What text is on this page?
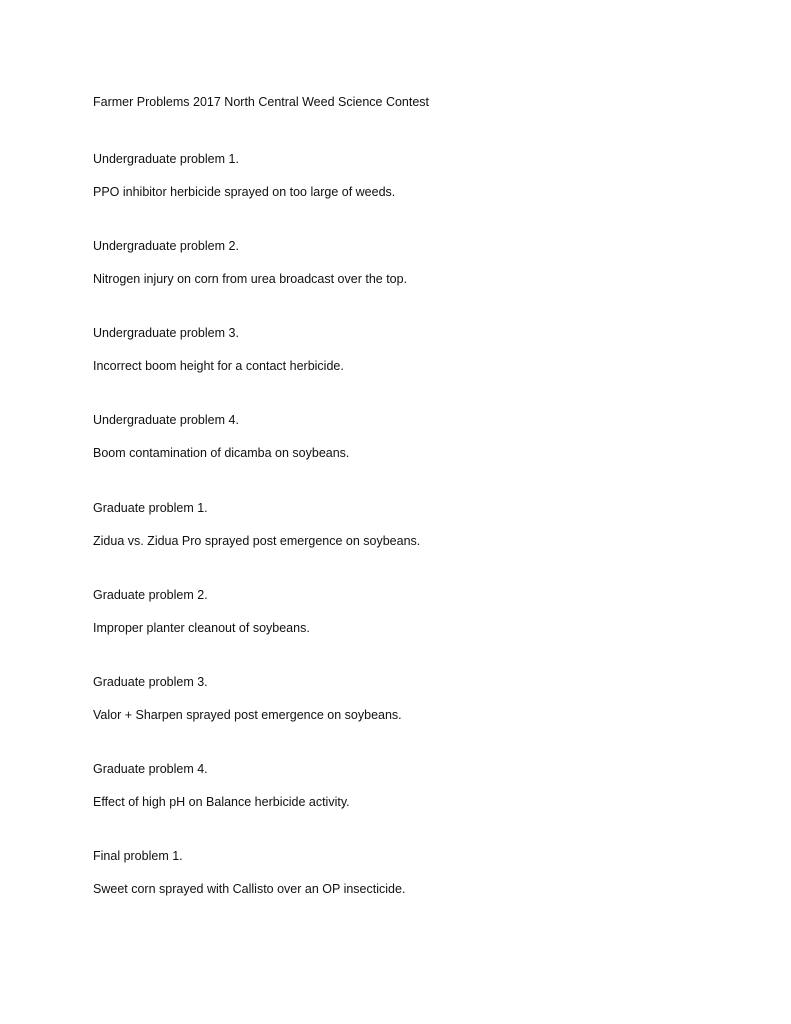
Farmer Problems 2017 North Central Weed Science Contest
Undergraduate problem 1.
PPO inhibitor herbicide sprayed on too large of weeds.
Undergraduate problem 2.
Nitrogen injury on corn from urea broadcast over the top.
Undergraduate problem 3.
Incorrect boom height for a contact herbicide.
Undergraduate problem 4.
Boom contamination of dicamba on soybeans.
Graduate problem 1.
Zidua vs. Zidua Pro sprayed post emergence on soybeans.
Graduate problem 2.
Improper planter cleanout of soybeans.
Graduate problem 3.
Valor + Sharpen sprayed post emergence on soybeans.
Graduate problem 4.
Effect of high pH on Balance herbicide activity.
Final problem 1.
Sweet corn sprayed with Callisto over an OP insecticide.
